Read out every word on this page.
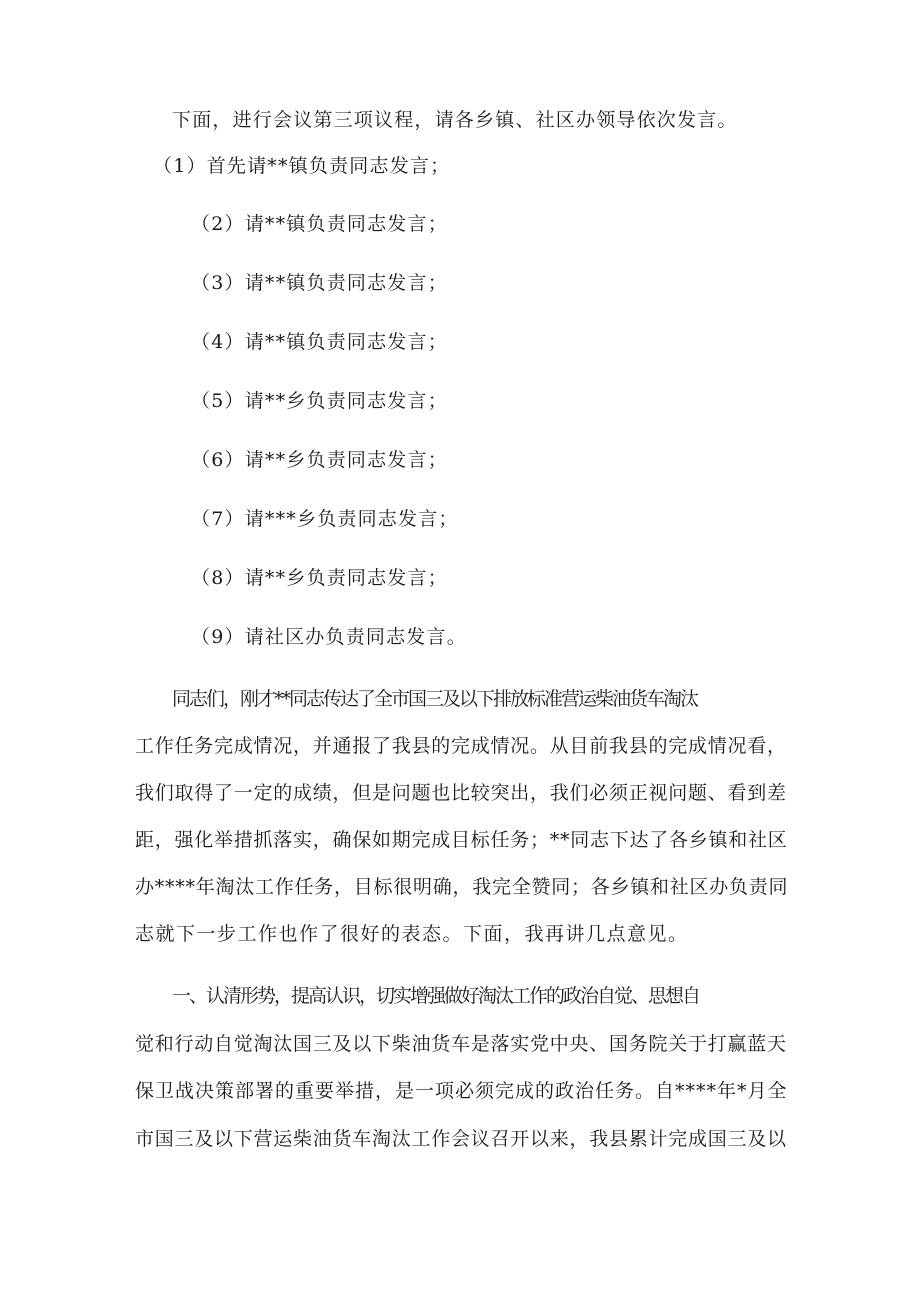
下面，进行会议第三项议程，请各乡镇、社区办领导依次发言。
（1）首先请**镇负责同志发言；
（2）请**镇负责同志发言；
（3）请**镇负责同志发言；
（4）请**镇负责同志发言；
（5）请**乡负责同志发言；
（6）请**乡负责同志发言；
（7）请***乡负责同志发言；
（8）请**乡负责同志发言；
（9）请社区办负责同志发言。
同志们，刚才**同志传达了全市国三及以下排放标准营运柴油货车淘汰
工作任务完成情况，并通报了我县的完成情况。从目前我县的完成情况看，
我们取得了一定的成绩，但是问题也比较突出，我们必须正视问题、看到差
距，强化举措抓落实，确保如期完成目标任务；**同志下达了各乡镇和社区
办****年淘汰工作任务，目标很明确，我完全赞同；各乡镇和社区办负责同
志就下一步工作也作了很好的表态。下面，我再讲几点意见。
一、认清形势，提高认识，切实增强做好淘汰工作的政治自觉、思想自
觉和行动自觉淘汰国三及以下柴油货车是落实党中央、国务院关于打赢蓝天
保卫战决策部署的重要举措，是一项必须完成的政治任务。自****年*月全
市国三及以下营运柴油货车淘汰工作会议召开以来，我县累计完成国三及以
